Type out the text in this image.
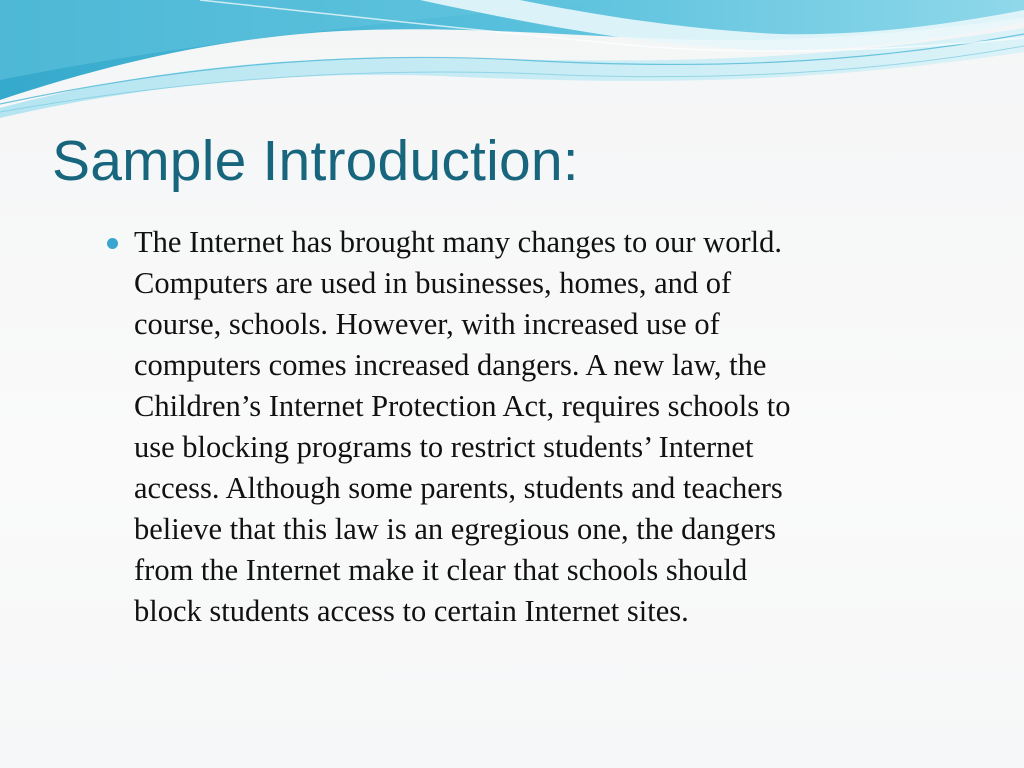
Sample Introduction:
The Internet has brought many changes to our world.
Computers are used in businesses, homes, and of
course, schools. However, with increased use of
computers comes increased dangers. A new law, the
Children’s Internet Protection Act, requires schools to
use blocking programs to restrict students’ Internet
access. Although some parents, students and teachers
believe that this law is an egregious one, the dangers
from the Internet make it clear that schools should
block students access to certain Internet sites.
